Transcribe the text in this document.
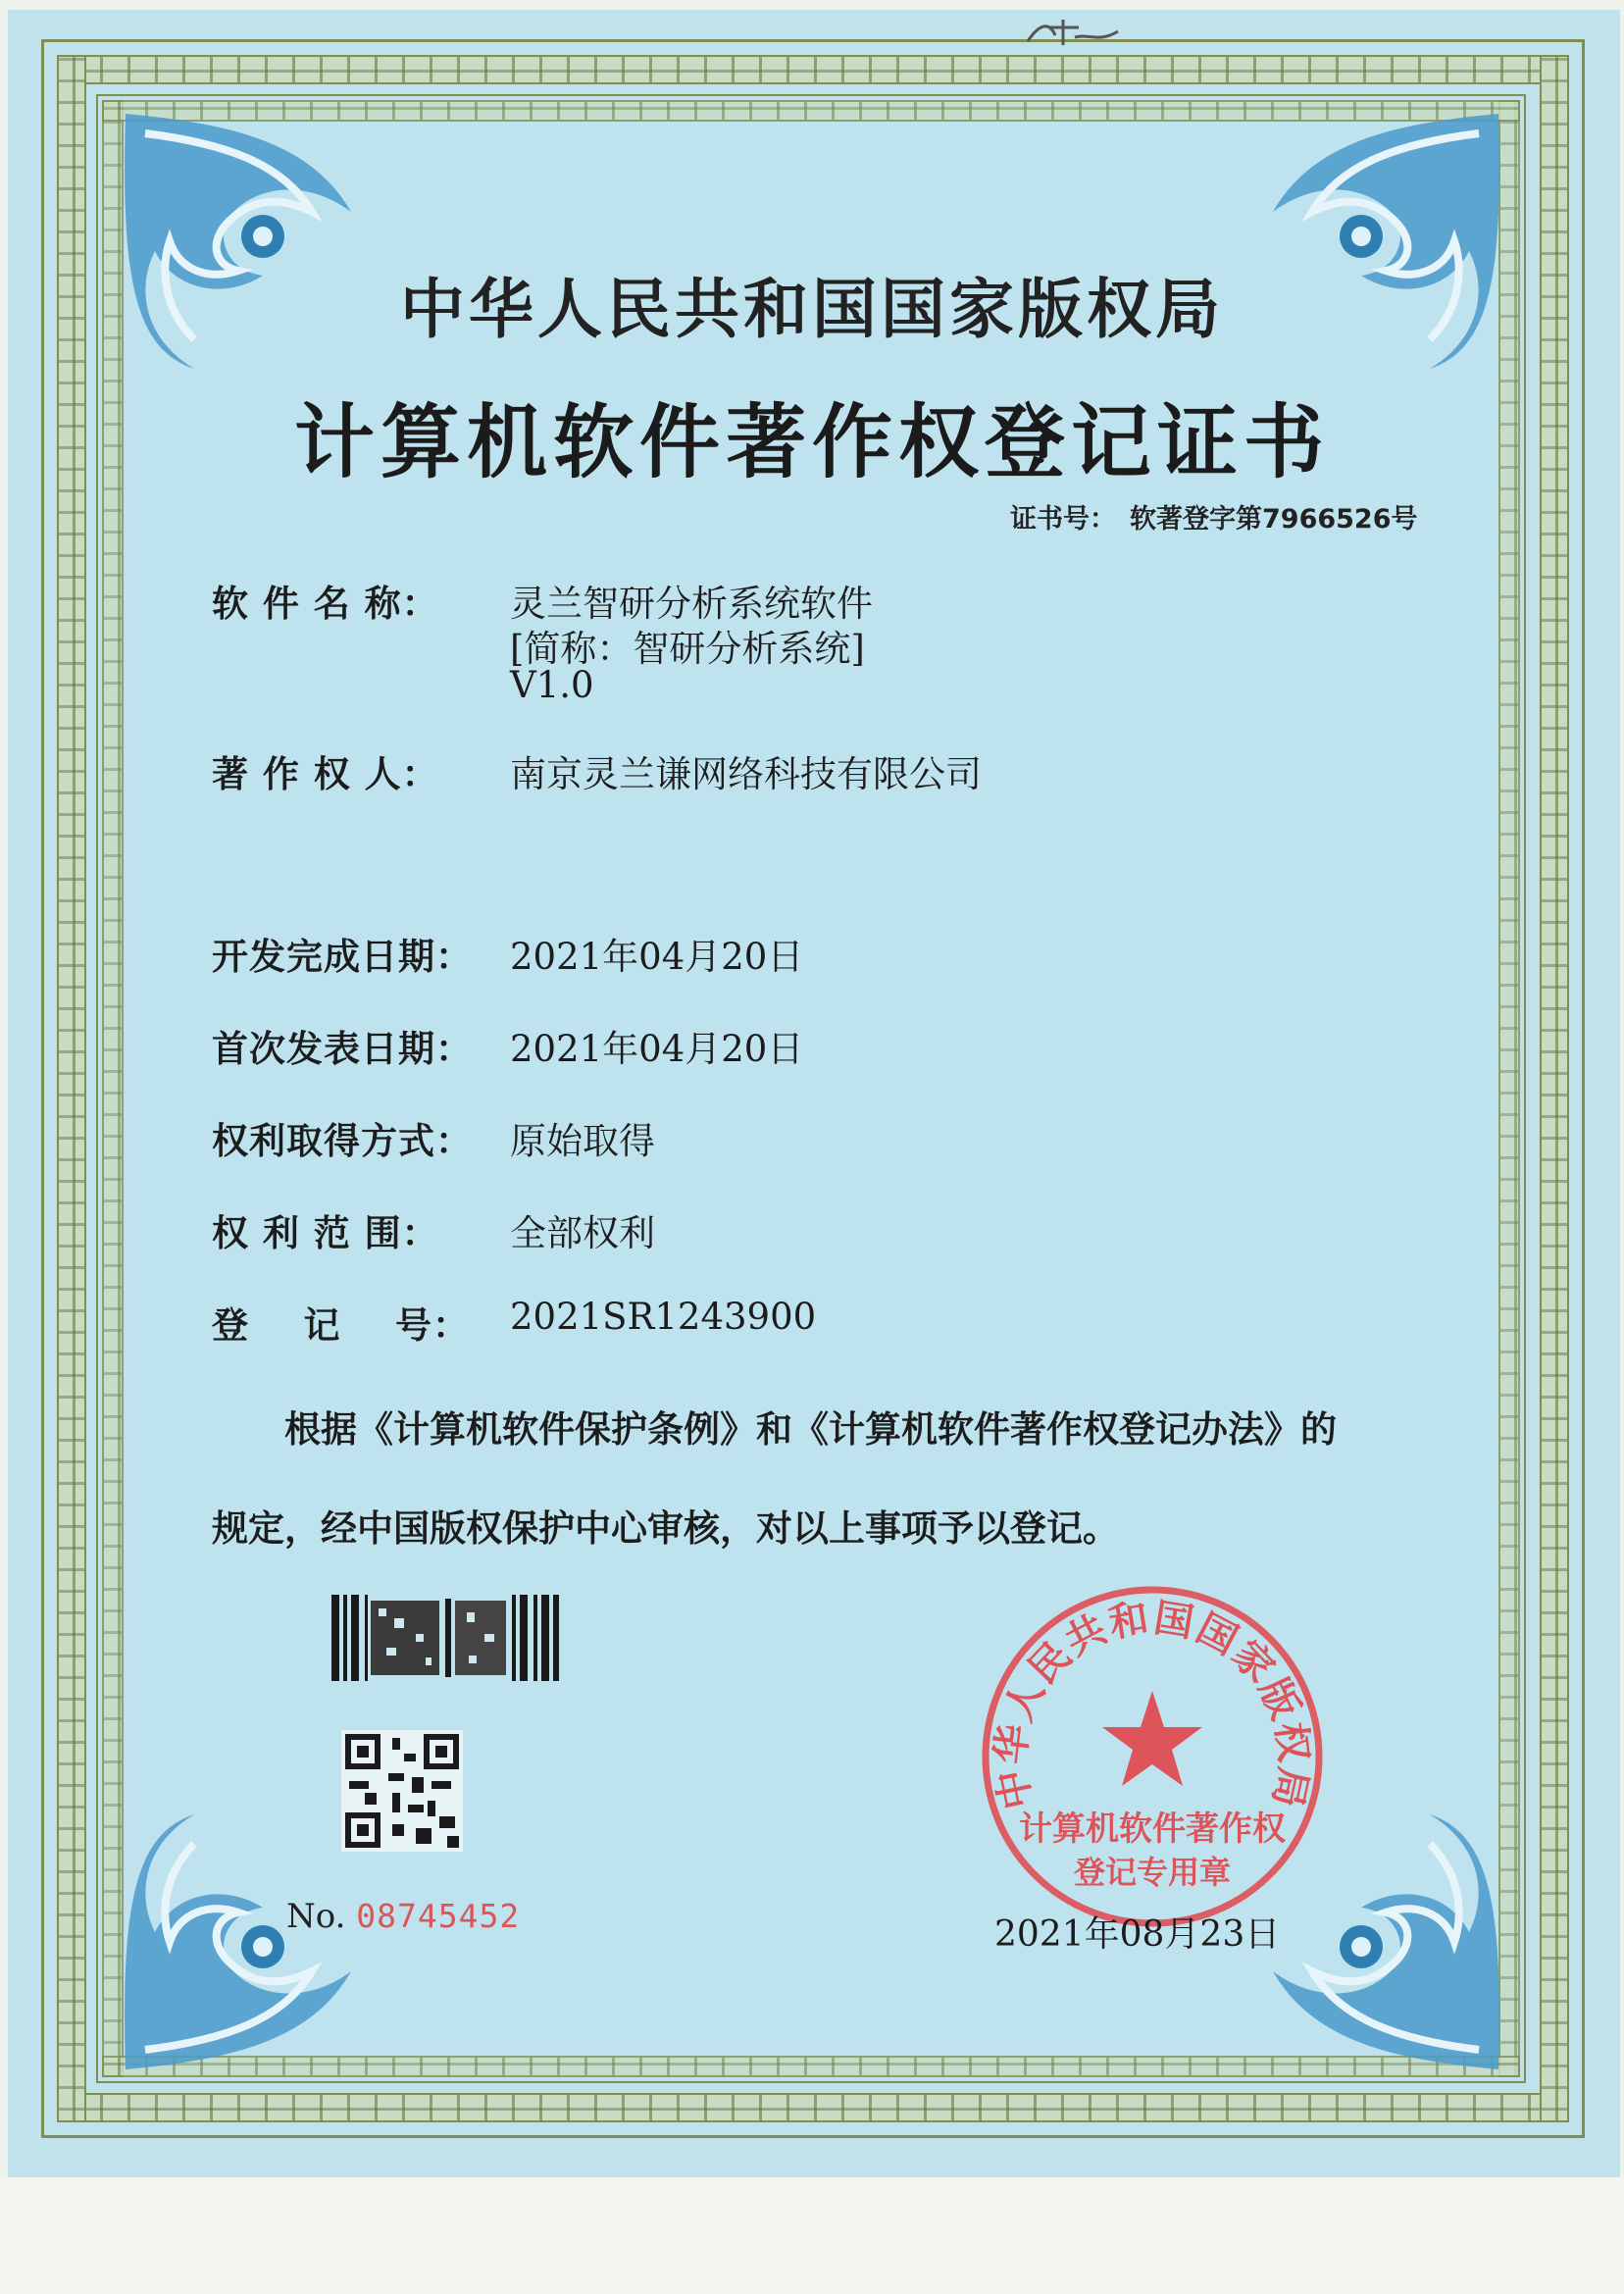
中华人民共和国国家版权局
计算机软件著作权登记证书
证书号： 软著登字第7966526号
软 件 名 称： 灵兰智研分析系统软件
[简称：智研分析系统]
V1.0
著 作 权 人： 南京灵兰谦网络科技有限公司
开发完成日期： 2021年04月20日
首次发表日期： 2021年04月20日
权利取得方式： 原始取得
权 利 范 围： 全部权利
登    记    号： 2021SR1243900
根据《计算机软件保护条例》和《计算机软件著作权登记办法》的
规定，经中国版权保护中心审核，对以上事项予以登记。
No. 08745452
中华人民共和国国家版权局
计算机软件著作权
登记专用章
2021年08月23日
